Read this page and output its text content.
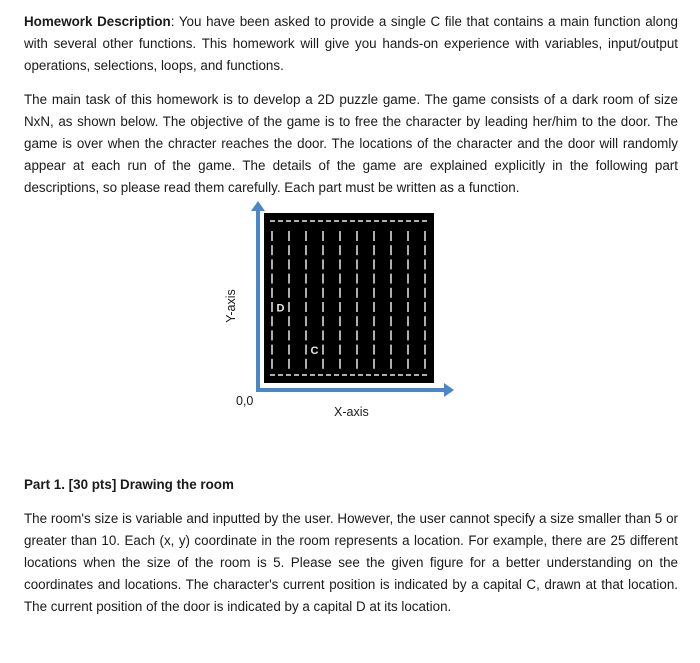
Homework Description: You have been asked to provide a single C file that contains a main function along with several other functions. This homework will give you hands-on experience with variables, input/output operations, selections, loops, and functions.

The main task of this homework is to develop a 2D puzzle game. The game consists of a dark room of size NxN, as shown below. The objective of the game is to free the character by leading her/him to the door. The game is over when the chracter reaches the door. The locations of the character and the door will randomly appear at each run of the game. The details of the game are explained explicitly in the following part descriptions, so please read them carefully. Each part must be written as a function.

D
C
Y-axis
0,0
X-axis

Part 1. [30 pts] Drawing the room

The room's size is variable and inputted by the user. However, the user cannot specify a size smaller than 5 or greater than 10. Each (x, y) coordinate in the room represents a location. For example, there are 25 different locations when the size of the room is 5. Please see the given figure for a better understanding on the coordinates and locations. The character's current position is indicated by a capital C, drawn at that location. The current position of the door is indicated by a capital D at its location.
